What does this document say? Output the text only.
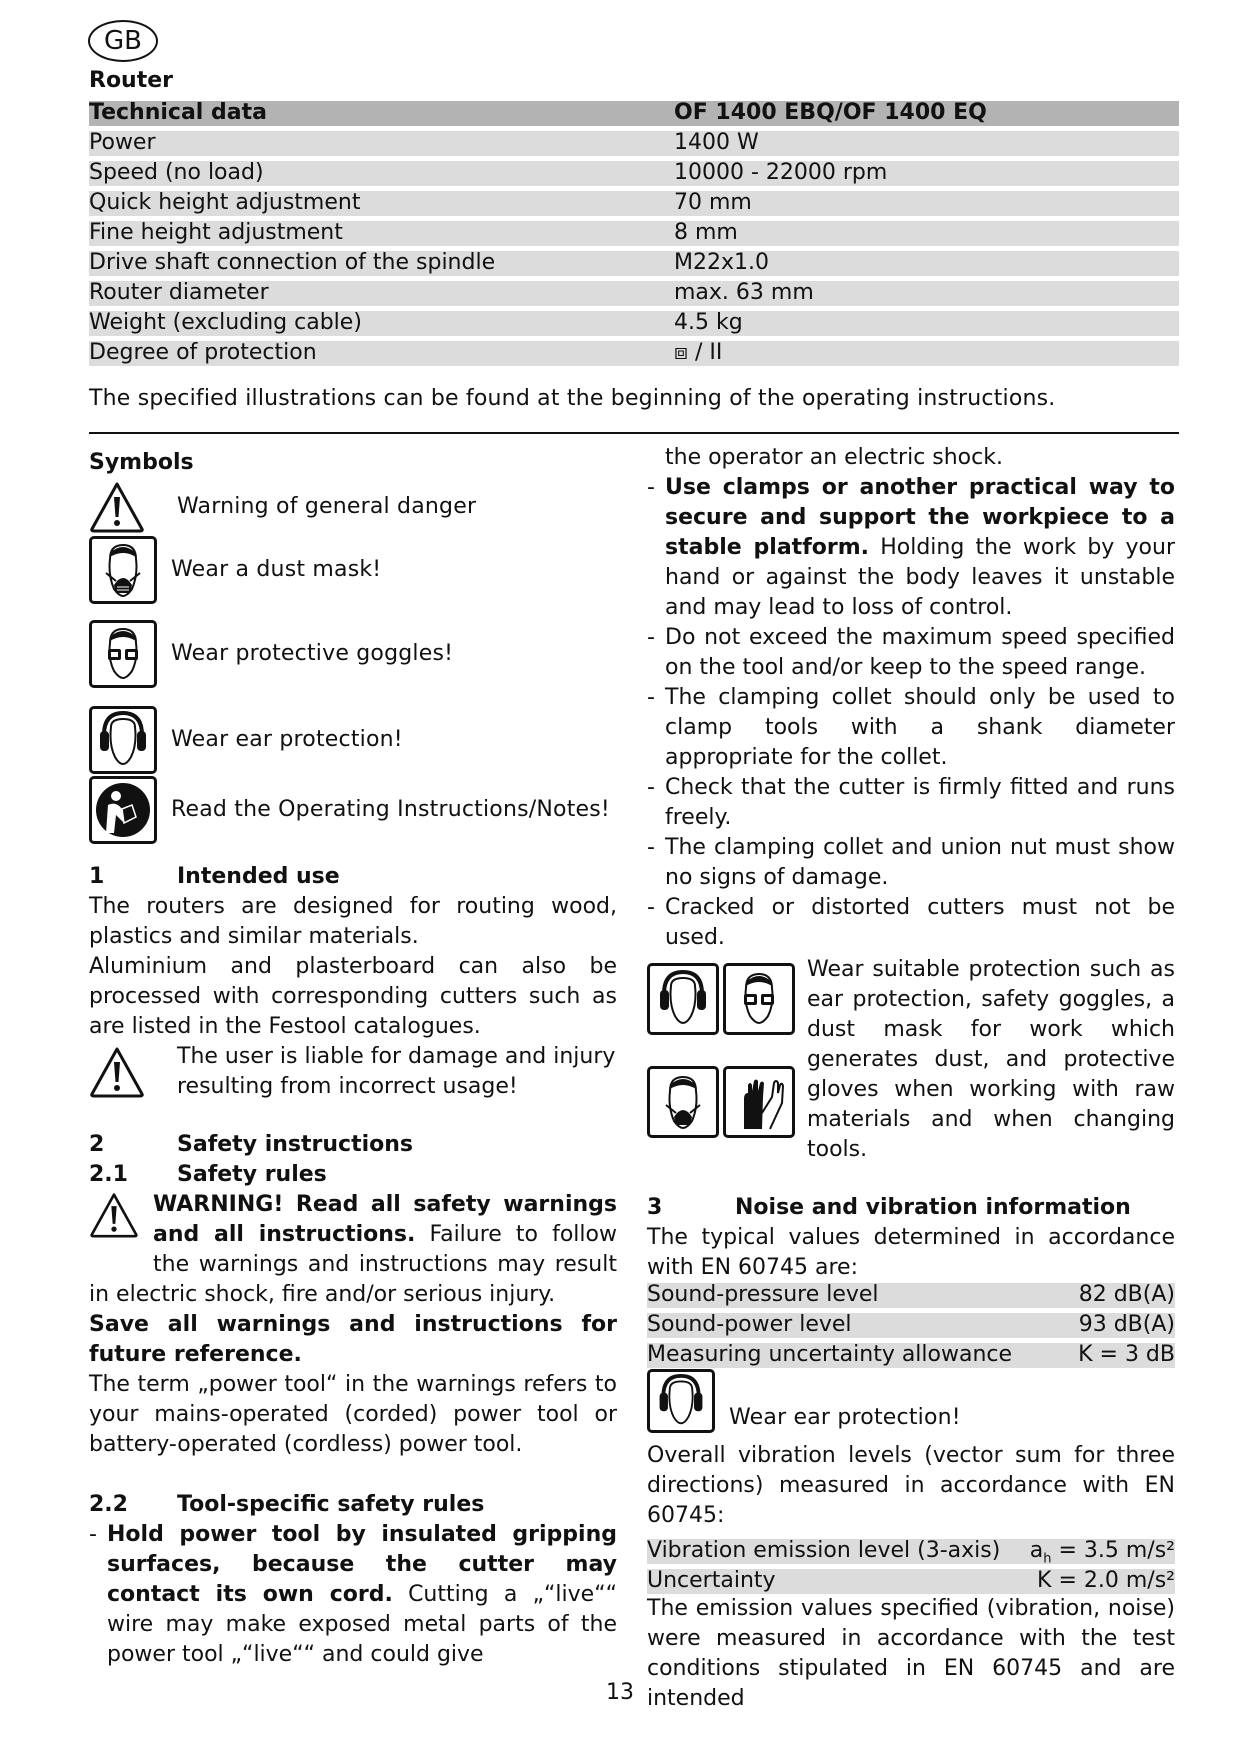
GB
Router
Technical data	OF 1400 EBQ/OF 1400 EQ
Power	1400 W
Speed (no load)	10000 - 22000 rpm
Quick height adjustment	70 mm
Fine height adjustment	8 mm
Drive shaft connection of the spindle	M22x1.0
Router diameter	max. 63 mm
Weight (excluding cable)	4.5 kg
Degree of protection	⧈ / II
The specified illustrations can be found at the beginning of the operating instructions.
Symbols
Warning of general danger
Wear a dust mask!
Wear protective goggles!
Wear ear protection!
Read the Operating Instructions/Notes!
1	Intended use

The routers are designed for routing wood, plastics and similar materials.

Aluminium and plasterboard can also be processed with corresponding cutters such as are listed in the Festool catalogues.

The user is liable for damage and injury resulting from incorrect usage!

2	Safety instructions
2.1	Safety rules

WARNING! Read all safety warnings and all instructions. Failure to follow the warnings and instructions may result in electric shock, fire and/or serious injury.

Save all warnings and instructions for future reference.

The term „power tool“ in the warnings refers to your mains-operated (corded) power tool or battery-operated (cordless) power tool.

2.2	Tool-specific safety rules
- Hold power tool by insulated gripping surfaces, because the cutter may contact its own cord. Cutting a „“live““ wire may make exposed metal parts of the power tool „“live““ and could give

the operator an electric shock.

- Use clamps or another practical way to secure and support the workpiece to a stable platform. Holding the work by your hand or against the body leaves it unstable and may lead to loss of control.

- Do not exceed the maximum speed specified on the tool and/or keep to the speed range.

- The clamping collet should only be used to clamp tools with a shank diameter appropriate for the collet.

- Check that the cutter is firmly fitted and runs freely.

- The clamping collet and union nut must show no signs of damage.

- Cracked or distorted cutters must not be used.

Wear suitable protection such as ear protection, safety goggles, a dust mask for work which generates dust, and protective gloves when working with raw materials and when changing tools.

3	Noise and vibration information

The typical values determined in accordance with EN 60745 are:

Sound-pressure level	82 dB(A)
Sound-power level	93 dB(A)
Measuring uncertainty allowance	K = 3 dB
Wear ear protection!

Overall vibration levels (vector sum for three directions) measured in accordance with EN 60745:

Vibration emission level (3-axis) $a_h = 3.5$ m/s²
Uncertainty	K = 2.0 m/s²

The emission values specified (vibration, noise) were measured in accordance with the test conditions stipulated in EN 60745 and are intended

13
